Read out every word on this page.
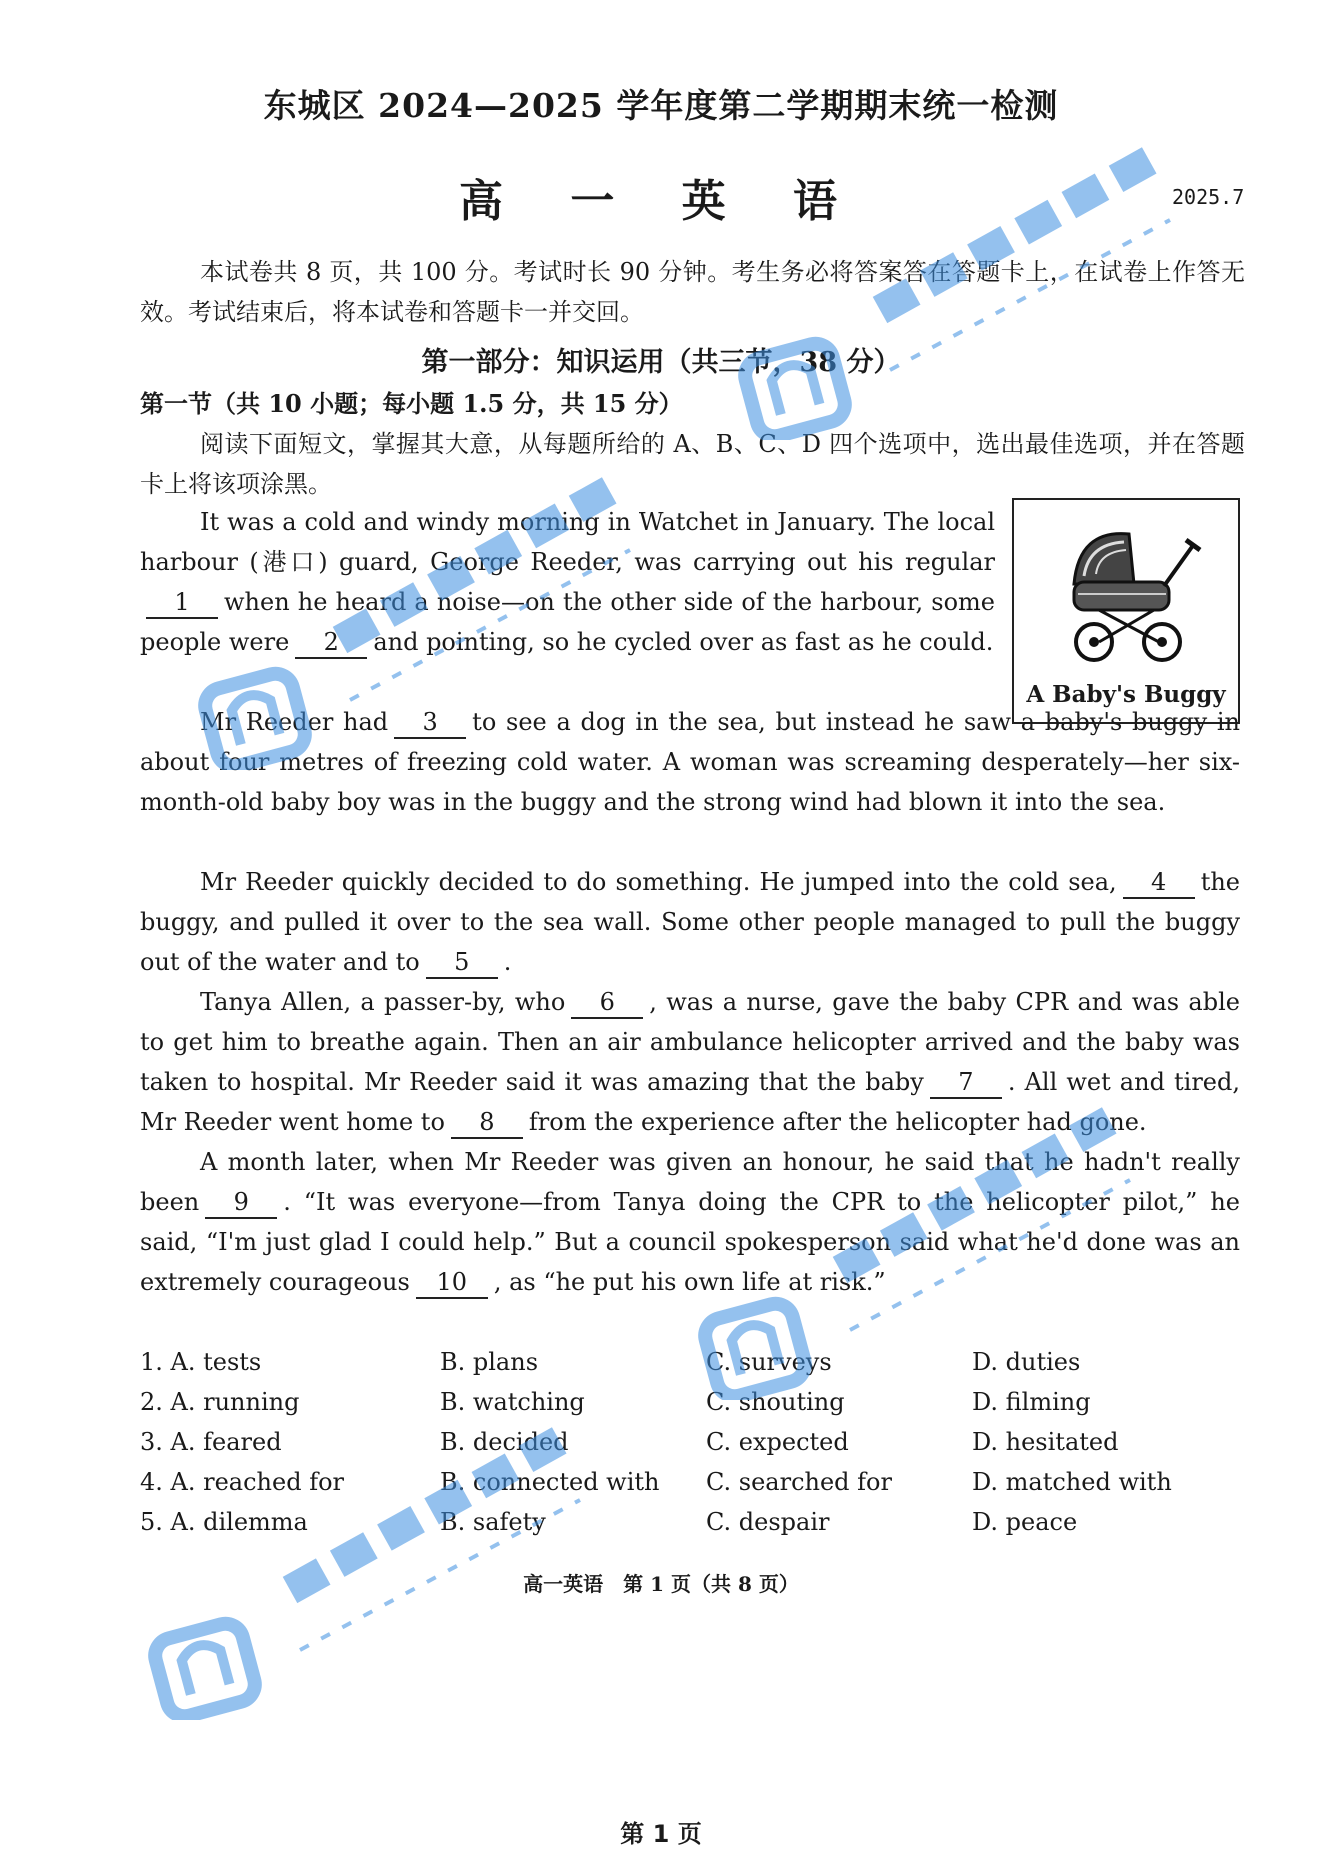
东城区 2024—2025 学年度第二学期期末统一检测
高 一 英 语	2025.7
本试卷共 8 页，共 100 分。考试时长 90 分钟。考生务必将答案答在答题卡上，在试卷上作答无效。考试结束后，将本试卷和答题卡一并交回。
第一部分：知识运用（共三节，38 分）
第一节（共 10 小题；每小题 1.5 分，共 15 分）
阅读下面短文，掌握其大意，从每题所给的 A、B、C、D 四个选项中，选出最佳选项，并在答题卡上将该项涂黑。
A Baby's Buggy
It was a cold and windy morning in Watchet in January. The local harbour (港口) guard, George Reeder, was carrying out his regular1 when he heard a noise—on the other side of the harbour, some people were 2 and pointing, so he cycled over as fast as he could.
Mr Reeder had 3 to see a dog in the sea, but instead he saw a baby's buggy in about four metres of freezing cold water. A woman was screaming desperately—her six-month-old baby boy was in the buggy and the strong wind had blown it into the sea.
Mr Reeder quickly decided to do something. He jumped into the cold sea, 4 the buggy, and pulled it over to the sea wall. Some other people managed to pull the buggy out of the water and to 5 .
Tanya Allen, a passer-by, who 6 , was a nurse, gave the baby CPR and was able to get him to breathe again. Then an air ambulance helicopter arrived and the baby was taken to hospital. Mr Reeder said it was amazing that the baby 7 . All wet and tired, Mr Reeder went home to 8 from the experience after the helicopter had gone.
A month later, when Mr Reeder was given an honour, he said that he hadn't really been 9 . “It was everyone—from Tanya doing the CPR to the helicopter pilot,” he said, “I'm just glad I could help.” But a council spokesperson said what he'd done was an extremely courageous 10 , as “he put his own life at risk.”
1. A. tests	B. plans	C. surveys	D. duties
2. A. running	B. watching	C. shouting	D. filming
3. A. feared	B. decided	C. expected	D. hesitated
4. A. reached for	B. connected with C. searched for	D. matched with
5. A. dilemma	B. safety	C. despair	D. peace
高一英语　第 1 页（共 8 页）
第 1 页
